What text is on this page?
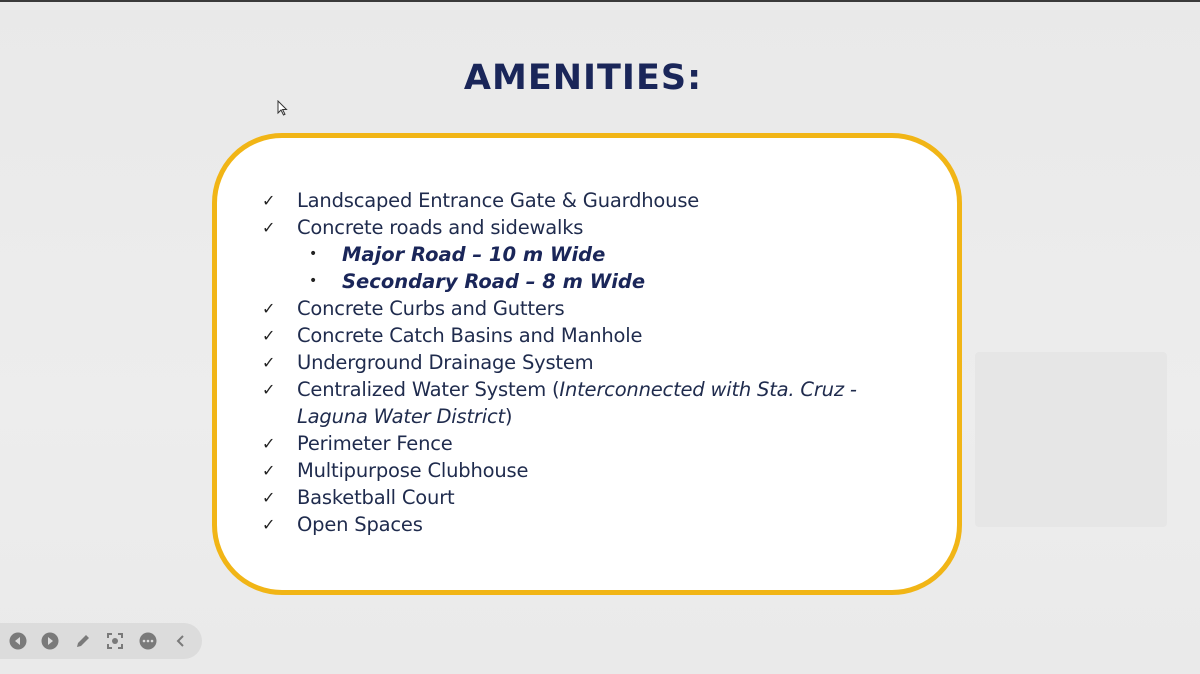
AMENITIES:
✓	Landscaped Entrance Gate & Guardhouse
✓	Concrete roads and sidewalks
•	Major Road – 10 m Wide
•	Secondary Road – 8 m Wide
✓	Concrete Curbs and Gutters
✓	Concrete Catch Basins and Manhole
✓	Underground Drainage System
✓	Centralized Water System (Interconnected with Sta. Cruz - Laguna Water District)
✓	Perimeter Fence
✓	Multipurpose Clubhouse
✓	Basketball Court
✓	Open Spaces
